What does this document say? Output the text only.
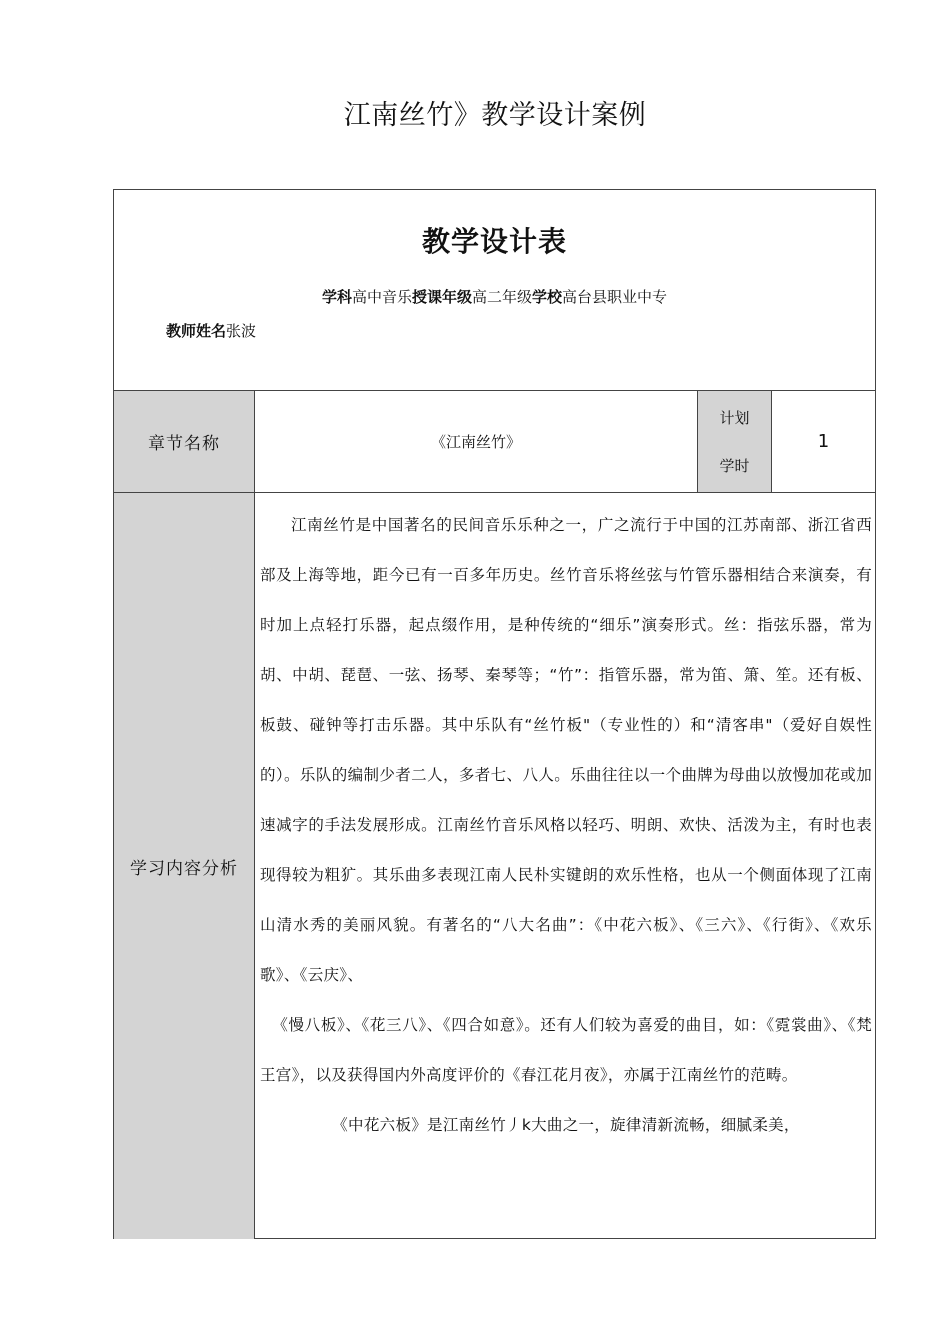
江南丝竹》教学设计案例
教学设计表
学科高中音乐授课年级高二年级学校高台县职业中专
教师姓名张波
章节名称	《江南丝竹》
计划
学时
1
学习内容分析

江南丝竹是中国著名的民间音乐乐种之一，广之流行于中国的江苏南部、浙江省西部及上海等地，距今已有一百多年历史。丝竹音乐将丝弦与竹管乐器相结合来演奏，有时加上点轻打乐器，起点缀作用，是种传统的“细乐”演奏形式。丝：指弦乐器，常为胡、中胡、琵琶、一弦、扬琴、秦琴等；“竹”：指管乐器，常为笛、箫、笙。还有板、板鼓、碰钟等打击乐器。其中乐队有“丝竹板"（专业性的）和“清客串"（爱好自娱性的）。乐队的编制少者二人，多者七、八人。乐曲往往以一个曲牌为母曲以放慢加花或加速减字的手法发展形成。江南丝竹音乐风格以轻巧、明朗、欢快、活泼为主，有时也表现得较为粗犷。其乐曲多表现江南人民朴实键朗的欢乐性格，也从一个侧面体现了江南山清水秀的美丽风貌。有著名的“八大名曲”：《中花六板》、《三六》、《行街》、《欢乐歌》、《云庆》、

《慢八板》、《花三八》、《四合如意》。还有人们较为喜爱的曲目，如：《霓裳曲》、《梵王宫》，以及获得国内外高度评价的《春江花月夜》，亦属于江南丝竹的范畴。

《中花六板》是江南丝竹丿k大曲之一，旋律清新流畅，细腻柔美，
